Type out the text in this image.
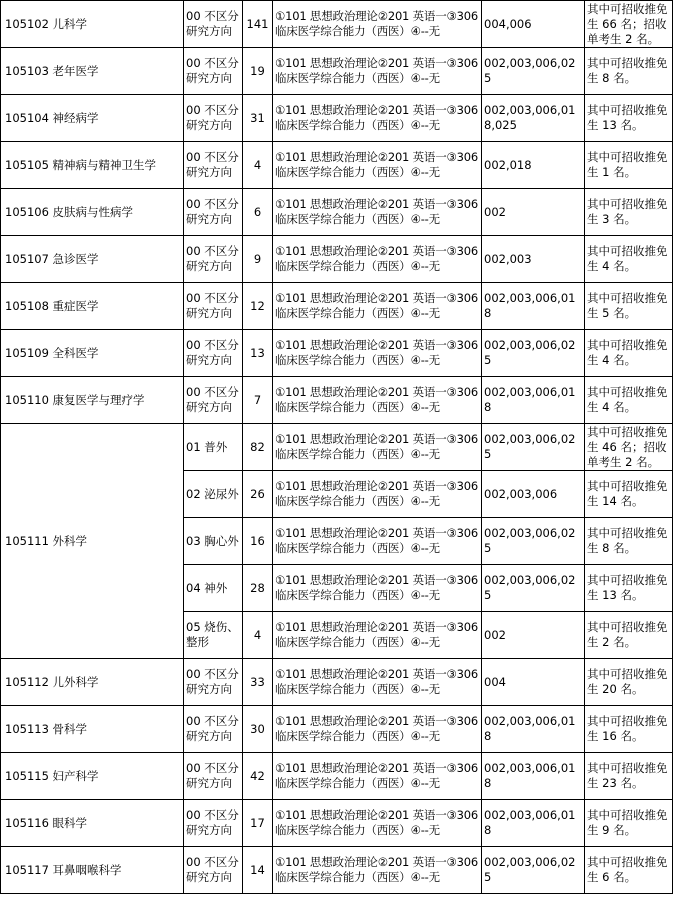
105102 儿科学	00 不区分研究方向	141	①101 思想政治理论②201 英语一③306 临床医学综合能力（西医）④--无	004,006	其中可招收推免生 66 名；招收单考生 2 名。
105103 老年医学	00 不区分研究方向	19	①101 思想政治理论②201 英语一③306 临床医学综合能力（西医）④--无	002,003,006,025	其中可招收推免生 8 名。
105104 神经病学	00 不区分研究方向	31	①101 思想政治理论②201 英语一③306 临床医学综合能力（西医）④--无	002,003,006,018,025	其中可招收推免生 13 名。
105105 精神病与精神卫生学	00 不区分研究方向	4	①101 思想政治理论②201 英语一③306 临床医学综合能力（西医）④--无	002,018	其中可招收推免生 1 名。
105106 皮肤病与性病学	00 不区分研究方向	6	①101 思想政治理论②201 英语一③306 临床医学综合能力（西医）④--无	002	其中可招收推免生 3 名。
105107 急诊医学	00 不区分研究方向	9	①101 思想政治理论②201 英语一③306 临床医学综合能力（西医）④--无	002,003	其中可招收推免生 4 名。
105108 重症医学	00 不区分研究方向	12	①101 思想政治理论②201 英语一③306 临床医学综合能力（西医）④--无	002,003,006,018	其中可招收推免生 5 名。
105109 全科医学	00 不区分研究方向	13	①101 思想政治理论②201 英语一③306 临床医学综合能力（西医）④--无	002,003,006,025	其中可招收推免生 4 名。
105110 康复医学与理疗学	00 不区分研究方向	7	①101 思想政治理论②201 英语一③306 临床医学综合能力（西医）④--无	002,003,006,018	其中可招收推免生 4 名。
105111 外科学	01 普外	82	①101 思想政治理论②201 英语一③306 临床医学综合能力（西医）④--无	002,003,006,025	其中可招收推免生 46 名；招收单考生 2 名。
	02 泌尿外	26	①101 思想政治理论②201 英语一③306 临床医学综合能力（西医）④--无	002,003,006	其中可招收推免生 14 名。
	03 胸心外	16	①101 思想政治理论②201 英语一③306 临床医学综合能力（西医）④--无	002,003,006,025	其中可招收推免生 8 名。
	04 神外	28	①101 思想政治理论②201 英语一③306 临床医学综合能力（西医）④--无	002,003,006,025	其中可招收推免生 13 名。
	05 烧伤、整形	4	①101 思想政治理论②201 英语一③306 临床医学综合能力（西医）④--无	002	其中可招收推免生 2 名。
105112 儿外科学	00 不区分研究方向	33	①101 思想政治理论②201 英语一③306 临床医学综合能力（西医）④--无	004	其中可招收推免生 20 名。
105113 骨科学	00 不区分研究方向	30	①101 思想政治理论②201 英语一③306 临床医学综合能力（西医）④--无	002,003,006,018	其中可招收推免生 16 名。
105115 妇产科学	00 不区分研究方向	42	①101 思想政治理论②201 英语一③306 临床医学综合能力（西医）④--无	002,003,006,018	其中可招收推免生 23 名。
105116 眼科学	00 不区分研究方向	17	①101 思想政治理论②201 英语一③306 临床医学综合能力（西医）④--无	002,003,006,018	其中可招收推免生 9 名。
105117 耳鼻咽喉科学	00 不区分研究方向	14	①101 思想政治理论②201 英语一③306 临床医学综合能力（西医）④--无	002,003,006,025	其中可招收推免生 6 名。
